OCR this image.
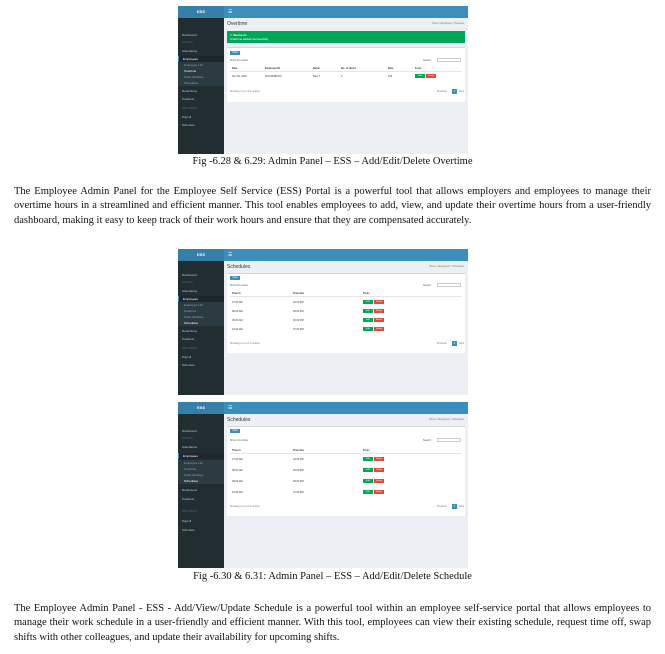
ESS	☰
Dashboard
MANAGE
Attendance
Employees
Employee List
Overtime
Cash Advance
Schedules
Deductions
Positions
PRINTABLES
Payroll
Schedule
Overtime	Home / Employee / Overtime
✔ Success!
Overtime added successfully
New
Show 10 entries	Search:
Date	Employee ID	Name	No. of Hours	Rate	Tools
Nov 30, 2022	FGI03638157Z	Sam T	3	100	Edit	Delete
Showing 1 to 1 of 1 entries	Previous	1	Next
Fig -6.28 & 6.29: Admin Panel – ESS – Add/Edit/Delete Overtime
The Employee Admin Panel for the Employee Self Service (ESS) Portal is a powerful tool that allows employers and employees to manage their overtime hours in a streamlined and efficient manner. This tool enables employees to add, view, and update their overtime hours from a user-friendly dashboard, making it easy to keep track of their work hours and ensure that they are compensated accurately.
ESS	☰
Dashboard
MANAGE
Attendance
Employees
Employee List
Overtime
Cash Advance
Schedules
Deductions
Positions
PRINTABLES
Payroll
Schedule
Schedules	Home / Employees / Schedules
New
Show 10 entries	Search:
Time In	Time Out	Tools
07:00 AM	04:00 PM	Edit	Delete
08:00 AM	05:00 PM	Edit	Delete
09:00 AM	06:00 PM	Edit	Delete
10:00 AM	07:00 PM	Edit	Delete
Showing 1 to 4 of 4 entries	Previous	1	Next
ESS	☰
Dashboard
MANAGE
Attendance
Employees
Employee List
Overtime
Cash Advance
Schedules
Deductions
Positions
PRINTABLES
Payroll
Schedule
Schedules	Home / Employees / Schedules
New
Show 10 entries	Search:
Time In	Time Out	Tools
07:00 AM	04:00 PM	Edit	Delete
08:00 AM	05:00 PM	Edit	Delete
09:00 AM	06:00 PM	Edit	Delete
10:00 AM	07:00 PM	Edit	Delete
Showing 1 to 4 of 4 entries	Previous	1	Next
Fig -6.30 & 6.31: Admin Panel – ESS – Add/Edit/Delete Schedule
The Employee Admin Panel - ESS - Add/View/Update Schedule is a powerful tool within an employee self-service portal that allows employees to manage their work schedule in a user-friendly and efficient manner. With this tool, employees can view their existing schedule, request time off, swap shifts with other colleagues, and update their availability for upcoming shifts.
